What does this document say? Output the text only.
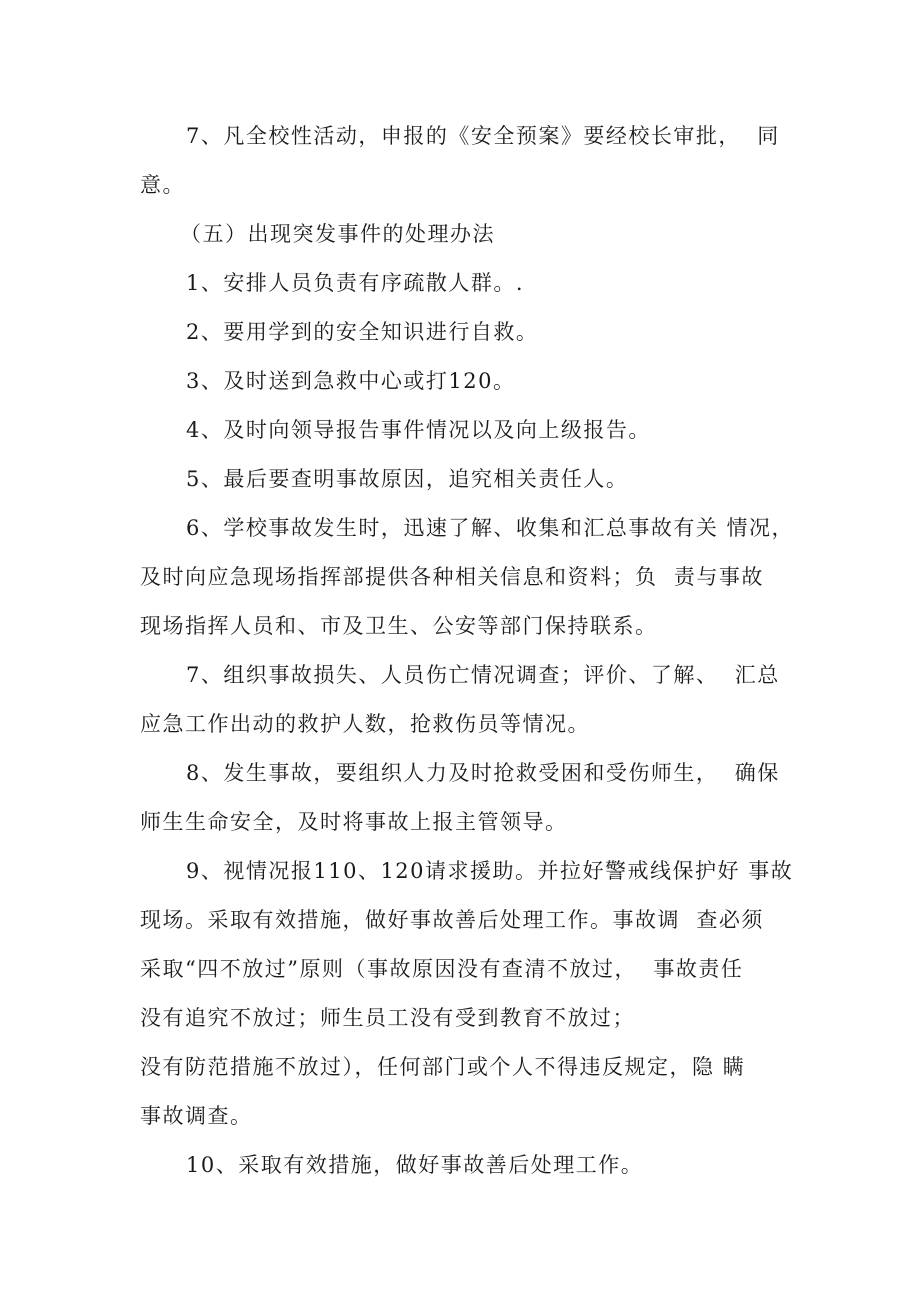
7、凡全校性活动，申报的《安全预案》要经校长审批，  同
意。
（五）出现突发事件的处理办法
1、安排人员负责有序疏散人群。.
2、要用学到的安全知识进行自救。
3、及时送到急救中心或打120。
4、及时向领导报告事件情况以及向上级报告。
5、最后要查明事故原因，追究相关责任人。
6、学校事故发生时，迅速了解、收集和汇总事故有关 情况，
及时向应急现场指挥部提供各种相关信息和资料；负  责与事故
现场指挥人员和、市及卫生、公安等部门保持联系。
7、组织事故损失、人员伤亡情况调查；评价、了解、  汇总
应急工作出动的救护人数，抢救伤员等情况。
8、发生事故，要组织人力及时抢救受困和受伤师生，  确保
师生生命安全，及时将事故上报主管领导。
9、视情况报110、120请求援助。并拉好警戒线保护好 事故
现场。采取有效措施，做好事故善后处理工作。事故调  查必须
采取“四不放过”原则（事故原因没有查清不放过，  事故责任
没有追究不放过；师生员工没有受到教育不放过；
没有防范措施不放过），任何部门或个人不得违反规定，隐 瞒
事故调查。
10、采取有效措施，做好事故善后处理工作。
